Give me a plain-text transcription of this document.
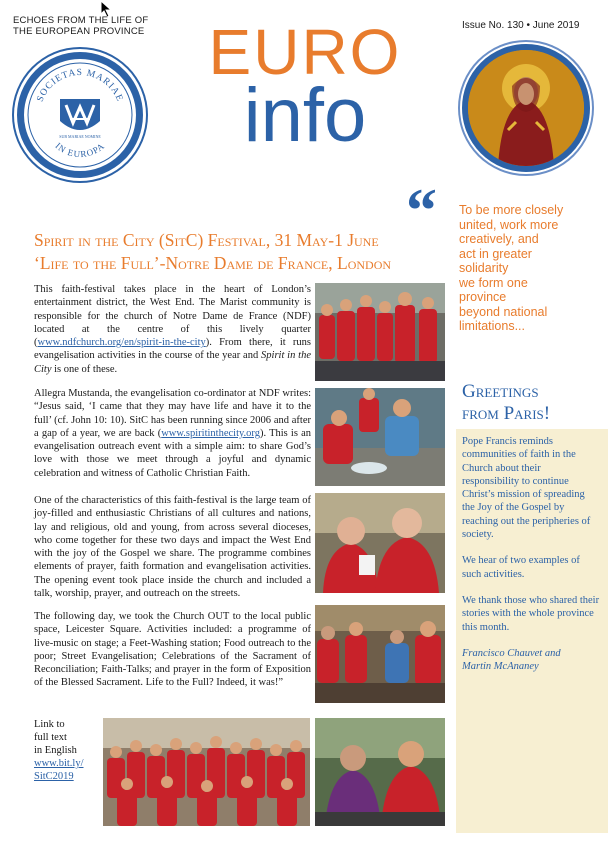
ECHOES FROM THE LIFE OF
THE EUROPEAN PROVINCE
Issue No. 130 • June 2019
SOCIETAS MARIAE
IN EUROPA
SUB MARIAE NOMINE
EURO
info
“ To be more closely
united, work more
creatively, and
act in greater
solidarity
we form one
province
beyond national
limitations...
Spirit in the City (SitC) Festival, 31 May-1 June
‘Life to the Full’-Notre Dame de France, London
This faith-festival takes place in the heart of London’s entertainment district, the West End. The Marist community is responsible for the church of Notre Dame de France (NDF) located at the centre of this lively quarter (www.ndfchurch.org/en/spirit-in-the-city). From there, it runs evangelisation activities in the course of the year and Spirit in the City is one of these.
Allegra Mustanda, the evangelisation co-ordinator at NDF writes: “Jesus said, ‘I came that they may have life and have it to the full’ (cf. John 10: 10). SitC has been running since 2006 and after a gap of a year, we are back (www.spiritinthecity.org). This is an evangelisation outreach event with a simple aim: to share God’s love with those we meet through a joyful and dynamic celebration and witness of Catholic Christian Faith.
One of the characteristics of this faith-festival is the large team of joy-filled and enthusiastic Christians of all cultures and nations, lay and religious, old and young, from across several dioceses, who come together for these two days and impact the West End with the joy of the Gospel we share. The programme combines elements of prayer, faith formation and evangelisation activities. The opening event took place inside the church and included a talk, worship, prayer, and outreach on the streets.
The following day, we took the Church OUT to the local public space, Leicester Square. Activities included: a programme of live-music on stage; a Feet-Washing station; Food outreach to the poor; Street Evangelisation; Celebrations of the Sacrament of Reconciliation; Faith-Talks; and prayer in the form of Exposition of the Blessed Sacrament. Life to the Full? Indeed, it was!”
Link to
full text
in English
www.bit.ly/
SitC2019
Greetings
from Paris!

Pope Francis reminds communities of faith in the Church about their responsibility to continue Christ’s mission of spreading the Joy of the Gospel by reaching out the peripheries of society.

We hear of two examples of such activities.

We thank those who shared their stories with the whole province this month.

Francisco Chauvet and
Martin McAnaney
